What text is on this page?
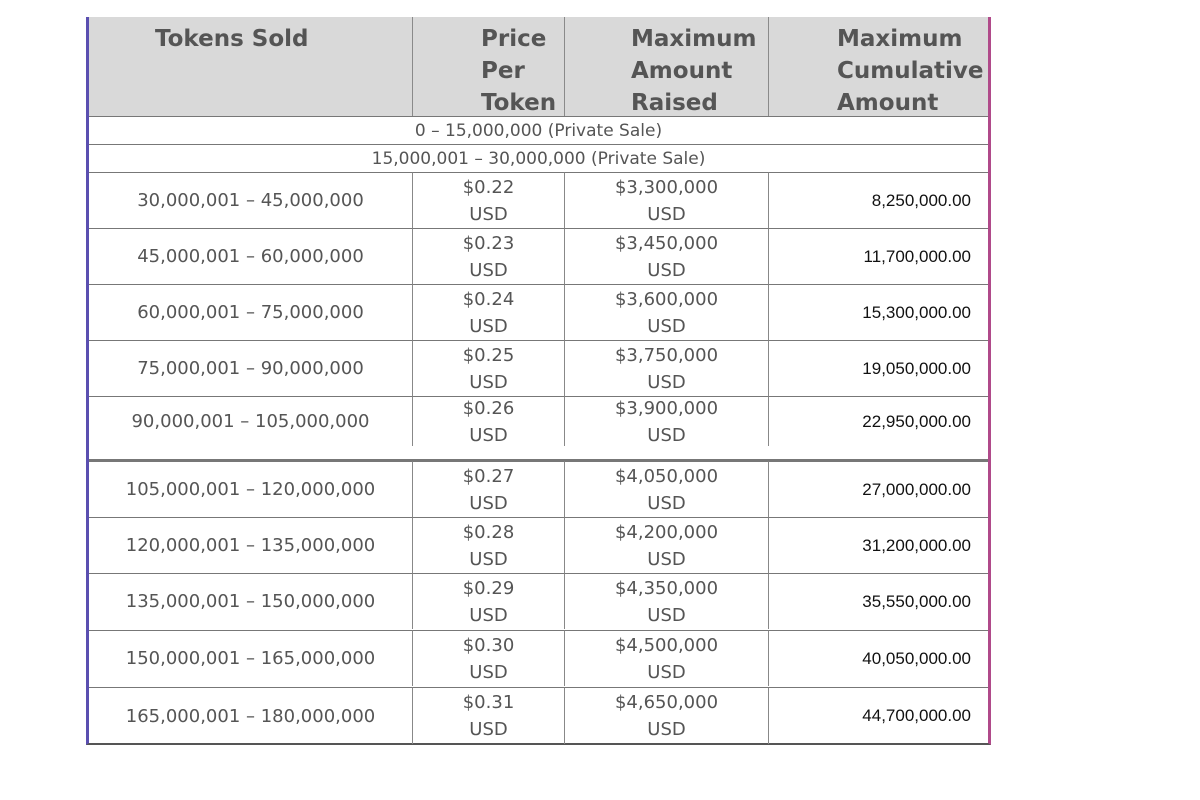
Tokens Sold	Price
Per
Token
Maximum
Amount
Raised
Maximum
Cumulative
Amount
0 – 15,000,000 (Private Sale)
15,000,001 – 30,000,000 (Private Sale)
30,000,001 – 45,000,000
$0.22
USD
$3,300,000
USD
8,250,000.00
45,000,001 – 60,000,000
$0.23
USD
$3,450,000
USD
11,700,000.00
60,000,001 – 75,000,000
$0.24
USD
$3,600,000
USD
15,300,000.00
75,000,001 – 90,000,000
$0.25
USD
$3,750,000
USD
19,050,000.00
90,000,001 – 105,000,000
$0.26
USD
$3,900,000
USD
22,950,000.00
105,000,001 – 120,000,000
$0.27
USD
$4,050,000
USD
27,000,000.00
120,000,001 – 135,000,000
$0.28
USD
$4,200,000
USD
31,200,000.00
135,000,001 – 150,000,000
$0.29
USD
$4,350,000
USD
35,550,000.00
150,000,001 – 165,000,000
$0.30
USD
$4,500,000
USD
40,050,000.00
165,000,001 – 180,000,000
$0.31
USD
$4,650,000
USD
44,700,000.00
